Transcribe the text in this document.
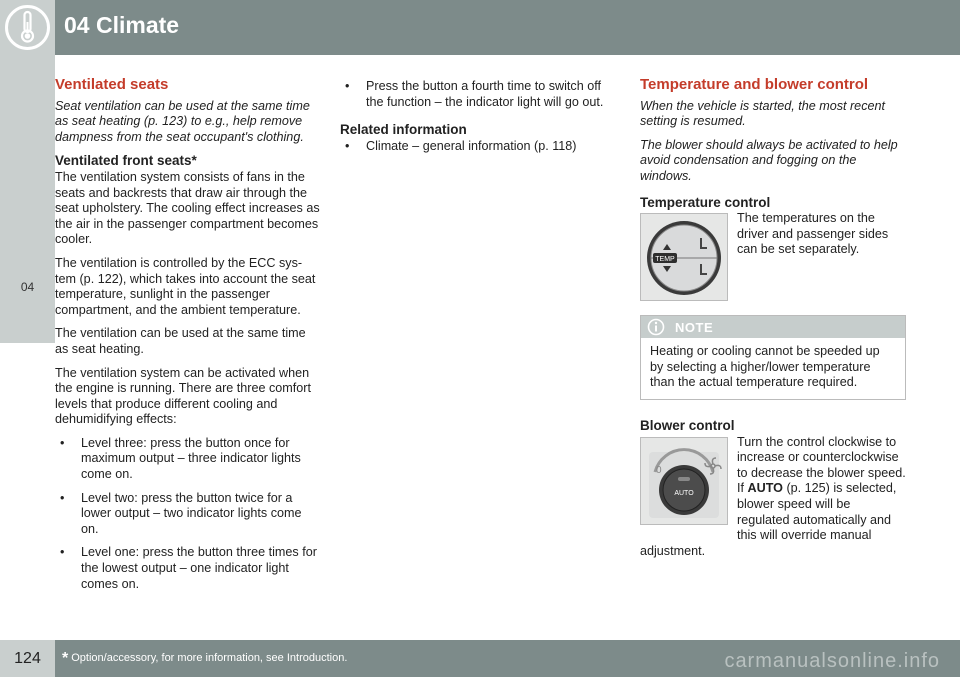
04 Climate
04
Ventilated seats

Seat ventilation can be used at the same time as seat heating (p. 123) to e.g., help remove dampness from the seat occupant's clothing.

Ventilated front seats*

The ventilation system consists of fans in the seats and backrests that draw air through the seat upholstery. The cooling effect increases as the air in the passenger compartment becomes cooler.

The ventilation is controlled by the ECC sys-tem (p. 122), which takes into account the seat temperature, sunlight in the passenger compartment, and the ambient temperature.

The ventilation can be used at the same time as seat heating.

The ventilation system can be activated when the engine is running. There are three comfort levels that produce different cooling and dehumidifying effects:

• Level three: press the button once for maximum output – three indicator lights come on.
• Level two: press the button twice for a lower output – two indicator lights come on.
• Level one: press the button three times for the lowest output – one indicator light comes on.
• Press the button a fourth time to switch off the function – the indicator light will go out.
Related information
• Climate – general information (p. 118)
Temperature and blower control

When the vehicle is started, the most recent setting is resumed.

The blower should always be activated to help avoid condensation and fogging on the windows.

Temperature control
TEMP

The temperatures on the driver and passenger sides can be set separately.

NOTE
Heating or cooling cannot be speeded up by selecting a higher/lower temperature than the actual temperature required.
Blower control
0
AUTO

Turn the control clockwise to increase or counterclockwise to decrease the blower speed. If AUTO (p. 125) is selected, blower speed will be regulated automatically and this will override manual adjustment.

124	* Option/accessory, for more information, see Introduction.	carmanualsonline.info
